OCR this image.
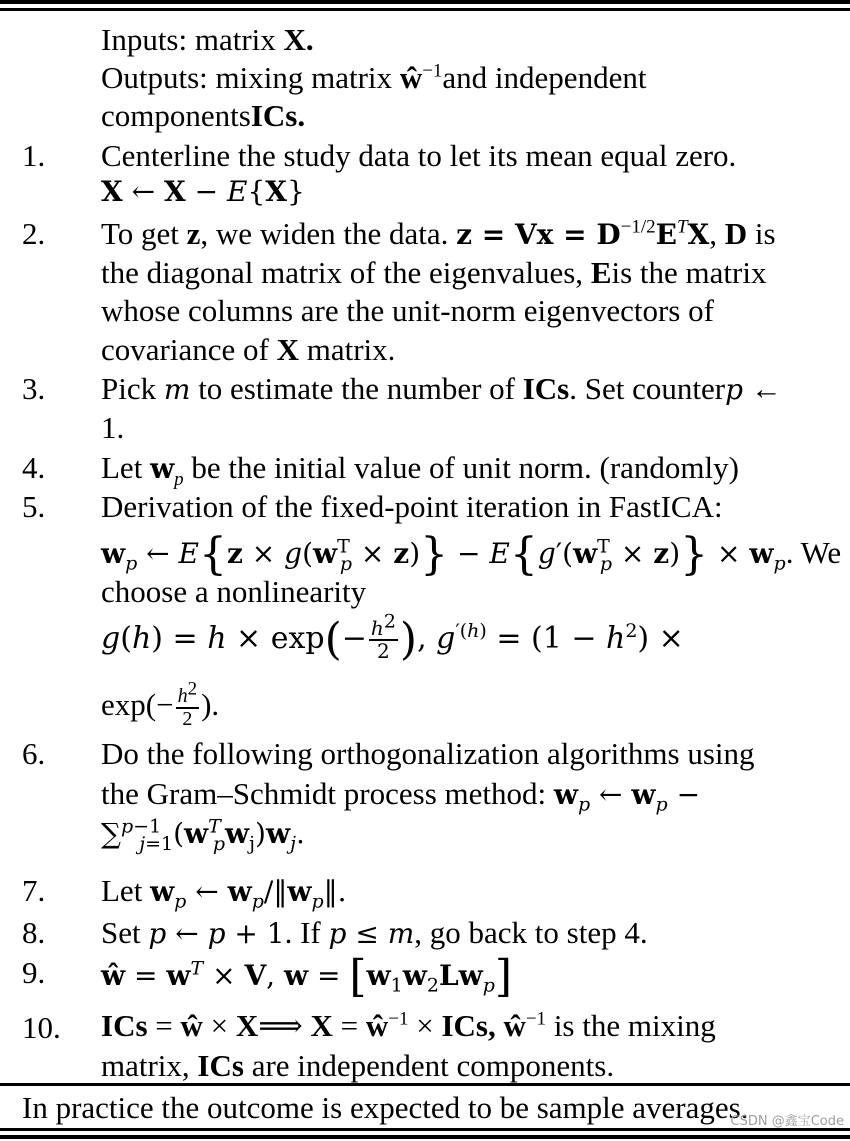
Inputs: matrix X.
Outputs: mixing matrix $ŵ^{-1}and$ independent
componentsICs.
1. Centerline the study data to let its mean equal zero.
X ← X − E{X}
2. To get z, we widen the data. $z = Vx = D^{-1/2}E^TX$, D is
the diagonal matrix of the eigenvalues, Eis the matrix
whose columns are the unit-norm eigenvectors of
covariance of X matrix.
3. Pick m to estimate the number of ICs. Set counterp ←
1.
4. Let $w_p$ be the initial value of unit norm. (randomly)
5. Derivation of the fixed-point iteration in FastICA:
$w_p$ ← $E\{z \times g(w^T_p \times z)\} - E\{g'(w^T_p \times z)\} \times w_p$. We
choose a nonlinearity
$g(h) = h \times \exp(- \frac{h^2}{2}$ ), $g^{'(h)} = (1 - h^2)$ ×
$\exp(- \frac{h^2}{2}$ ).
6. Do the following orthogonalization algorithms using
the Gram–Schmidt process method: $w_p$ ← $w_p$ −
$\sum^{p-1}_{j=1}(w^T_pw_j)w_j$.
7. Let $w_p$ ← $w_p/‖w_p‖$.
8. Set p ← p + 1. If p ≤ m, go back to step 4.
9. ŵ = $w^T \times V$, $w = [w_1w_2Lw_p]$
10. ICs = ŵ × X⟹ $X = ŵ^{-1}$ × ICs, $ŵ^{-1}$ is the mixing
matrix, ICs are independent components.
In practice the outcome is expected to be sample averages.
CSDN @鑫宝Code
